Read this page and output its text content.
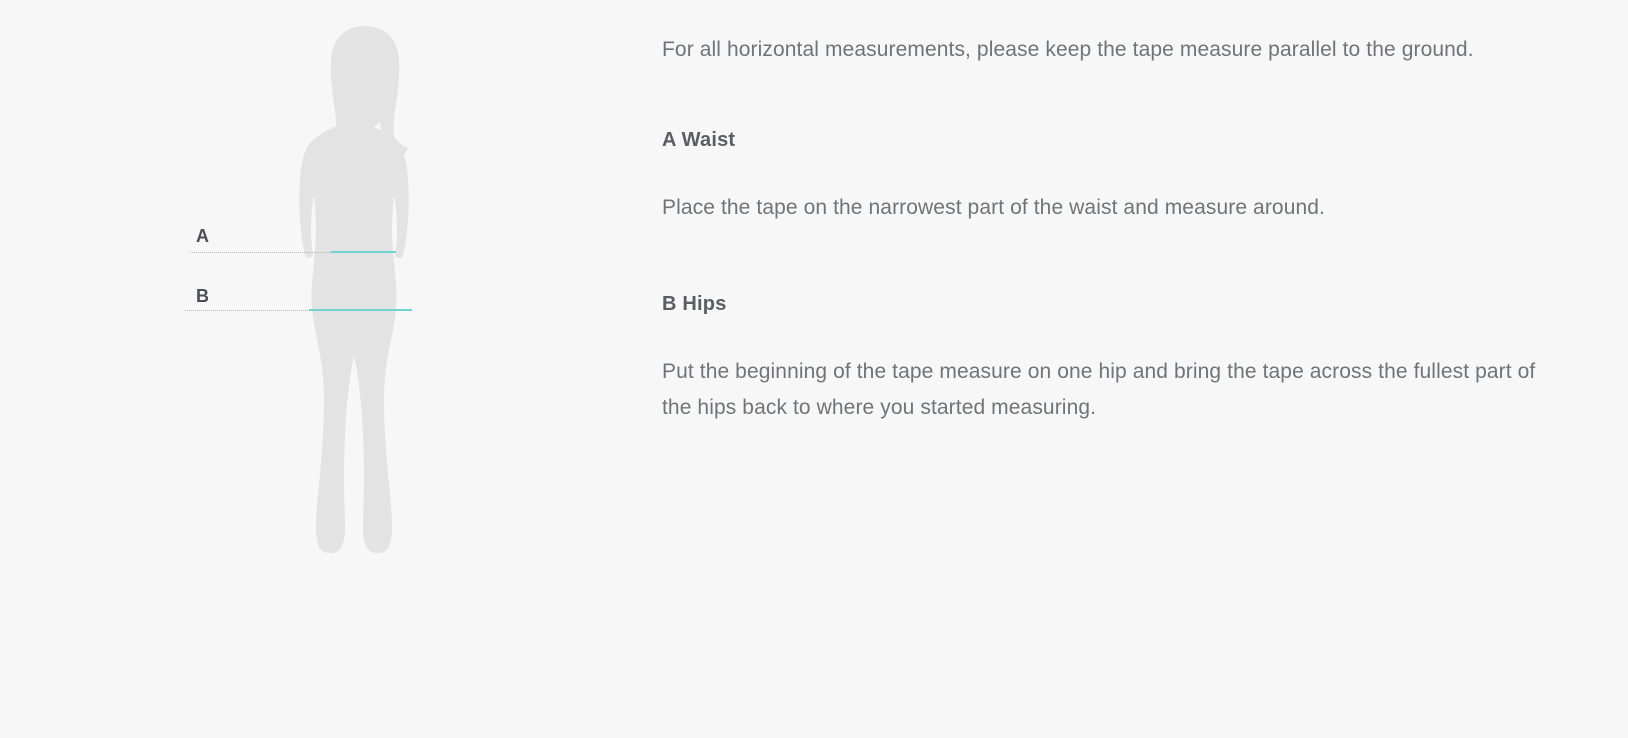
A
B

For all horizontal measurements, please keep the tape measure parallel to the ground.

A Waist

Place the tape on the narrowest part of the waist and measure around.

B Hips

Put the beginning of the tape measure on one hip and bring the tape across the fullest part of the hips back to where you started measuring.
